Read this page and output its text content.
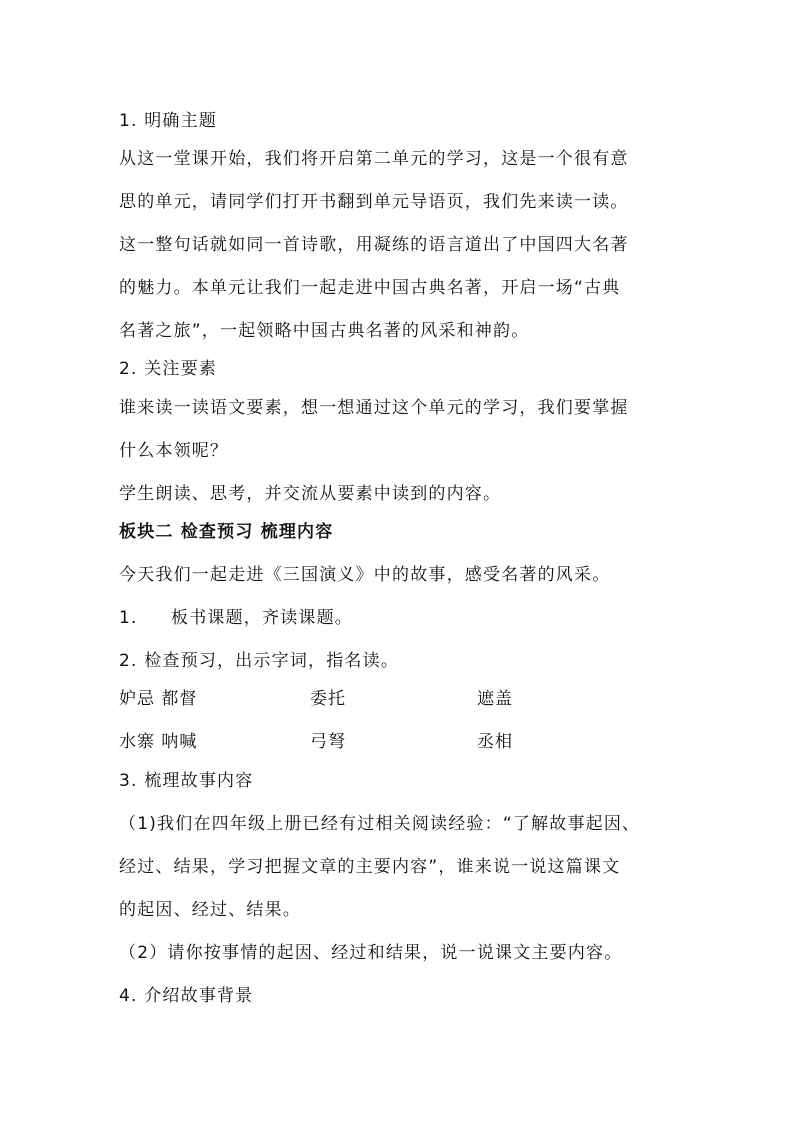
1. 明确主题
从这一堂课开始，我们将开启第二单元的学习，这是一个很有意
思的单元，请同学们打开书翻到单元导语页，我们先来读一读。
这一整句话就如同一首诗歌，用凝练的语言道出了中国四大名著
的魅力。本单元让我们一起走进中国古典名著，开启一场“古典
名著之旅”，一起领略中国古典名著的风采和神韵。
2. 关注要素
谁来读一读语文要素，想一想通过这个单元的学习，我们要掌握
什么本领呢？
学生朗读、思考，并交流从要素中读到的内容。
板块二 检查预习 梳理内容
今天我们一起走进《三国演义》中的故事，感受名著的风采。
1. 板书课题，齐读课题。
2. 检查预习，出示字词，指名读。
妒忌 都督	委托	遮盖
水寨 呐喊	弓弩	丞相
3. 梳理故事内容
（1)我们在四年级上册已经有过相关阅读经验：“了解故事起因、
经过、结果，学习把握文章的主要内容”，谁来说一说这篇课文
的起因、经过、结果。
（2）请你按事情的起因、经过和结果，说一说课文主要内容。
4. 介绍故事背景
